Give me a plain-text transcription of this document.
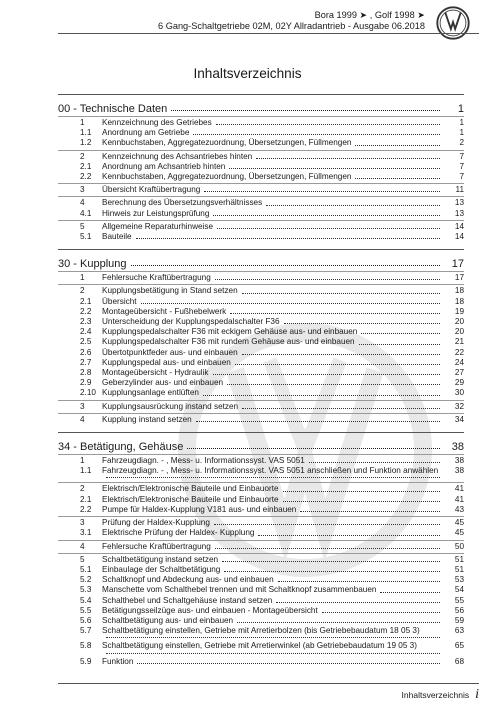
Bora 1999 ➤ , Golf 1998 ➤
6 Gang-Schaltgetriebe 02M, 02Y Allradantrieb - Ausgabe 06.2018
Inhaltsverzeichnis
00 - Technische Daten	1
1	Kennzeichnung des Getriebes	1
1.1	Anordnung am Getriebe	1
1.2	Kennbuchstaben, Aggregatezuordnung, Übersetzungen, Füllmengen	2
2	Kennzeichnung des Achsantriebes hinten	7
2.1	Anordnung am Achsantrieb hinten	7
2.2	Kennbuchstaben, Aggregatezuordnung, Übersetzungen, Füllmengen	7
3	Übersicht Kraftübertragung	11
4	Berechnung des Übersetzungsverhältnisses	13
4.1	Hinweis zur Leistungsprüfung	13
5	Allgemeine Reparaturhinweise	14
5.1	Bauteile	14
30 - Kupplung	17
1	Fehlersuche Kraftübertragung	17
2	Kupplungsbetätigung in Stand setzen	18
2.1	Übersicht	18
2.2	Montageübersicht - Fußhebelwerk	19
2.3	Unterscheidung der Kupplungspedalschalter F36	20
2.4	Kupplungspedalschalter F36 mit eckigem Gehäuse aus- und einbauen	20
2.5	Kupplungspedalschalter F36 mit rundem Gehäuse aus- und einbauen	21
2.6	Übertotpunktfeder aus- und einbauen	22
2.7	Kupplungspedal aus- und einbauen	24
2.8	Montageübersicht - Hydraulik	27
2.9	Geberzylinder aus- und einbauen	29
2.10 Kupplungsanlage entlüften	30
3	Kupplungsausrückung instand setzen	32
4	Kupplung instand setzen	34
34 - Betätigung, Gehäuse	38
1	Fahrzeugdiagn. - , Mess- u. Informationssyst. VAS 5051	38
1.1	Fahrzeugdiagn. - , Mess- u. Informationssyst. VAS 5051 anschließen und Funktion anwählen	38
2	Elektrisch/Elektronische Bauteile und Einbauorte	41
2.1	Elektrisch/Elektronische Bauteile und Einbauorte	41
2.2	Pumpe für Haldex-Kupplung V181 aus- und einbauen	43
3	Prüfung der Haldex-Kupplung	45
3.1	Elektrische Prüfung der Haldex- Kupplung	45
4	Fehlersuche Kraftübertragung	50
5	Schaltbetätigung instand setzen	51
5.1	Einbaulage der Schaltbetätigung	51
5.2	Schaltknopf und Abdeckung aus- und einbauen	53
5.3	Manschette vom Schalthebel trennen und mit Schaltknopf zusammenbauen	54
5.4	Schalthebel und Schaltgehäuse instand setzen	55
5.5	Betätigungsseilzüge aus- und einbauen - Montageübersicht	56
5.6	Schaltbetätigung aus- und einbauen	59
5.7	Schaltbetätigung einstellen, Getriebe mit Arretierbolzen (bis Getriebebaudatum 18 05 3)	63
5.8	Schaltbetätigung einstellen, Getriebe mit Arretierwinkel (ab Getriebebaudatum 19 05 3)	65
5.9	Funktion	68
Inhaltsverzeichnis i
